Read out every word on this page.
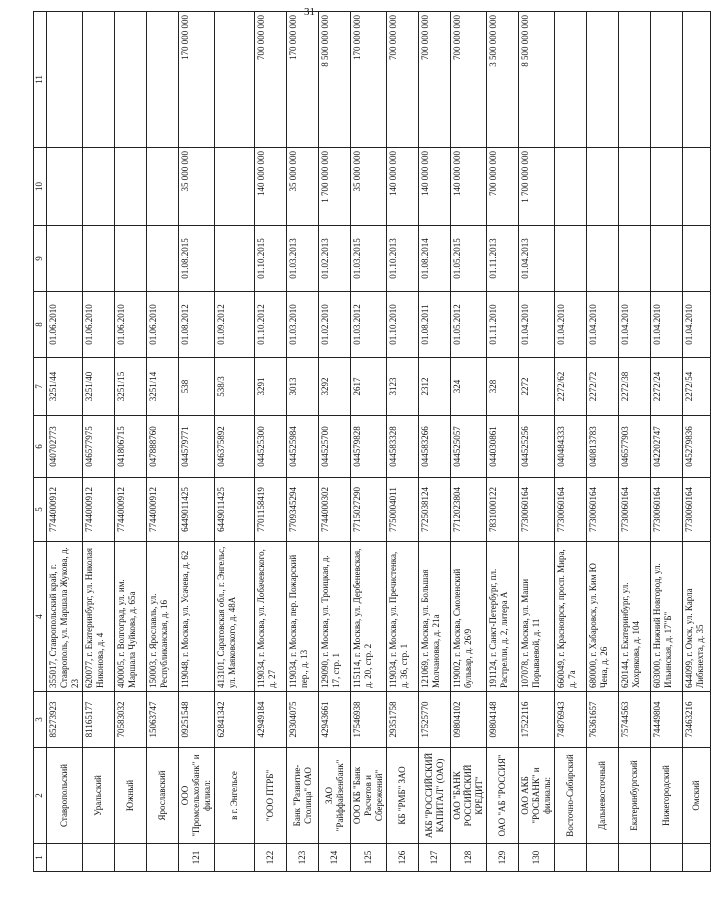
31
1	2	3	4	5	6	7	8	9	10	11
	Ставропольский	85273923	355017, Ставропольский край, г. Ставрополь, ул. Маршала Жукова, д. 23	7744000912	040702773	3251/44	01.06.2010			
	Уральский	81165177	620077, г. Екатеринбург, ул. Николая Никонова, д. 4	7744000912	046577975	3251/40	01.06.2010			
	Южный	70583032	400005, г. Волгоград, ул. им. Маршала Чуйкова, д. 65а	7744000912	041806715	3251/15	01.06.2010			
	Ярославский	15063747	150003, г. Ярославль, ул. Республиканская, д. 16	7744000912	047888760	3251/14	01.06.2010			
121	ООО "Промсельхозбанк" и филиал:	09251548	119048, г. Москва, ул. Усачева, д. 62	6449011425	044579771	538	01.08.2012	01.08.2015	35 000 000	170 000 000
	в г. Энгельсе	62841342	413101, Саратовская обл., г. Энгельс, ул. Маяковского, д. 48А	6449011425	046375892	538/3	01.09.2012			
122	"ООО ПТРБ"	42949184	119034, г. Москва, ул. Лобачевского, д. 27	7701158419	044525300	3291	01.10.2012	01.10.2015	140 000 000	700 000 000
123	Банк "Развитие-Столица" ОАО	29304075	119034, г. Москва, пер. Пожарский пер., д. 13	7709345294	044525984	3013	01.03.2010	01.03.2013	35 000 000	170 000 000
124	ЗАО "Райффайзенбанк"	42943661	129090, г. Москва, ул. Троицкая, д. 17, стр. 1	7744000302	044525700	3292	01.02.2010	01.02.2013	1 700 000 000	8 500 000 000
125	ООО КБ "Банк Расчетов и Сбережений"	17546938	115114, г. Москва, ул. Дербеневская, д. 20, стр. 2	7715027290	044579828	2617	01.03.2012	01.03.2015	35 000 000	170 000 000
126	КБ "РМБ" ЗАО	29351758	119034, г. Москва, ул. Пречистенка, д. 36, стр. 1	7750004011	044583328	3123	01.10.2010	01.10.2013	140 000 000	700 000 000
127	АКБ "РОССИЙСКИЙ КАПИТАЛ" (ОАО)	17525770	121069, г. Москва, ул. Большая Молчановка, д. 21а	7725038124	044583266	2312	01.08.2011	01.08.2014	140 000 000	700 000 000
128	ОАО "БАНК РОССИЙСКИЙ КРЕДИТ"	09804102	119002, г. Москва, Смоленский бульвар, д. 26/9	7712023804	044525057	324	01.05.2012	01.05.2015	140 000 000	700 000 000
129	ОАО "АБ "РОССИЯ"	09804148	191124, г. Санкт-Петербург, пл. Растрелли, д. 2, литера А	7831000122	044030861	328	01.11.2010	01.11.2013	700 000 000	3 500 000 000
130	ОАО АКБ "РОСБАНК" и филиалы:	17522116	107078, г. Москва, ул. Маши Порываевой, д. 11	7730060164	044525256	2272	01.04.2010	01.04.2013	1 700 000 000	8 500 000 000
	Восточно-Сибирский	74876943	660049, г. Красноярск, просп. Мира, д. 7а	7730060164	040484333	2272/62	01.04.2010			
	Дальневосточный	76361657	680000, г. Хабаровск, ул. Ким Ю Чена, д. 26	7730060164	040813783	2272/72	01.04.2010			
	Екатеринбургский	75744563	620144, г. Екатеринбург, ул. Хохрякова, д. 104	7730060164	046577903	2272/38	01.04.2010			
	Нижегородский	74449804	603000, г. Нижний Новгород, ул. Ильинская, д. 17"Б"	7730060164	042202747	2272/24	01.04.2010			
	Омский	73463216	644099, г. Омск, ул. Карла Либкнехта, д. 35	7730060164	045279836	2272/54	01.04.2010			
